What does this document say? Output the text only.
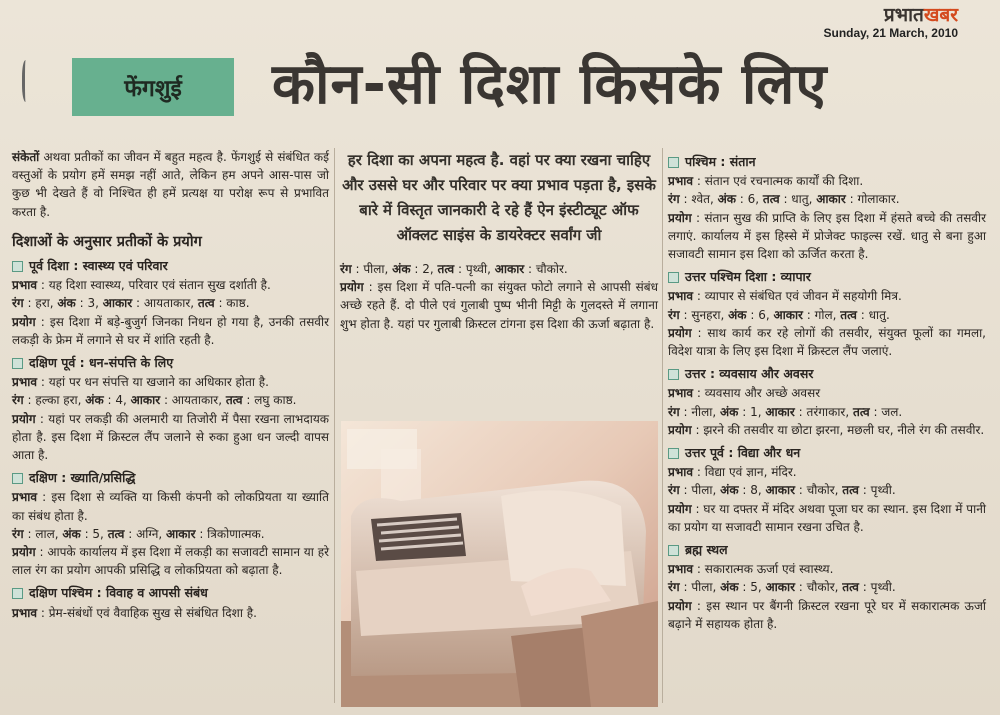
प्रभातखबर
Sunday, 21 March, 2010
फेंगशुई	कौन-सी दिशा किसके लिए

संकेतों अथवा प्रतीकों का जीवन में बहुत महत्व है. फेंगशुई से संबंधित कई वस्तुओं के प्रयोग हमें समझ नहीं आते, लेकिन हम अपने आस-पास जो कुछ भी देखते हैं वो निश्चित ही हमें प्रत्यक्ष या परोक्ष रूप से प्रभावित करता है.

दिशाओं के अनुसार प्रतीकों के प्रयोग
पूर्व दिशा : स्वास्थ्य एवं परिवार

प्रभाव : यह दिशा स्वास्थ्य, परिवार एवं संतान सुख दर्शाती है.

रंग : हरा, अंक : 3, आकार : आयताकार, तत्व : काष्ठ.

प्रयोग : इस दिशा में बड़े-बुजुर्ग जिनका निधन हो गया है, उनकी तसवीर लकड़ी के फ्रेम में लगाने से घर में शांति रहती है.

दक्षिण पूर्व : धन-संपत्ति के लिए

प्रभाव : यहां पर धन संपत्ति या खजाने का अधिकार होता है.

रंग : हल्का हरा, अंक : 4, आकार : आयताकार, तत्व : लघु काष्ठ.

प्रयोग : यहां पर लकड़ी की अलमारी या तिजोरी में पैसा रखना लाभदायक होता है. इस दिशा में क्रिस्टल लैंप जलाने से रुका हुआ धन जल्दी वापस आता है.

दक्षिण : ख्याति/प्रसिद्धि

प्रभाव : इस दिशा से व्यक्ति या किसी कंपनी को लोकप्रियता या ख्याति का संबंध होता है.

रंग : लाल, अंक : 5, तत्व : अग्नि, आकार : त्रिकोणात्मक.

प्रयोग : आपके कार्यालय में इस दिशा में लकड़ी का सजावटी सामान या हरे लाल रंग का प्रयोग आपकी प्रसिद्धि व लोकप्रियता को बढ़ाता है.

दक्षिण पश्चिम : विवाह व आपसी संबंध

प्रभाव : प्रेम-संबंधों एवं वैवाहिक सुख से संबंधित दिशा है.

हर दिशा का अपना महत्व है. वहां पर क्या रखना चाहिए और उससे घर और परिवार पर क्या प्रभाव पड़ता है, इसके बारे में विस्तृत जानकारी दे रहे हैं ऐन इंस्टीट्यूट ऑफ ऑक्लट साइंस के डायरेक्टर सर्वांग जी

रंग : पीला, अंक : 2, तत्व : पृथ्वी, आकार : चौकोर.

प्रयोग : इस दिशा में पति-पत्नी का संयुक्त फोटो लगाने से आपसी संबंध अच्छे रहते हैं. दो पीले एवं गुलाबी पुष्प भीनी मिट्टी के गुलदस्ते में लगाना शुभ होता है. यहां पर गुलाबी क्रिस्टल टांगना इस दिशा की ऊर्जा बढ़ाता है.

पश्चिम : संतान

प्रभाव : संतान एवं रचनात्मक कार्यों की दिशा.

रंग : श्वेत, अंक : 6, तत्व : धातु, आकार : गोलाकार.

प्रयोग : संतान सुख की प्राप्ति के लिए इस दिशा में हंसते बच्चे की तसवीर लगाएं. कार्यालय में इस हिस्से में प्रोजेक्ट फाइल्स रखें. धातु से बना हुआ सजावटी सामान इस दिशा को ऊर्जित करता है.

उत्तर पश्चिम दिशा : व्यापार

प्रभाव : व्यापार से संबंधित एवं जीवन में सहयोगी मित्र.

रंग : सुनहरा, अंक : 6, आकार : गोल, तत्व : धातु.

प्रयोग : साथ कार्य कर रहे लोगों की तसवीर, संयुक्त फूलों का गमला, विदेश यात्रा के लिए इस दिशा में क्रिस्टल लैंप जलाएं.

उत्तर : व्यवसाय और अवसर

प्रभाव : व्यवसाय और अच्छे अवसर

रंग : नीला, अंक : 1, आकार : तरंगाकार, तत्व : जल.

प्रयोग : झरने की तसवीर या छोटा झरना, मछली घर, नीले रंग की तसवीर.

उत्तर पूर्व : विद्या और धन

प्रभाव : विद्या एवं ज्ञान, मंदिर.

रंग : पीला, अंक : 8, आकार : चौकोर, तत्व : पृथ्वी.

प्रयोग : घर या दफ्तर में मंदिर अथवा पूजा घर का स्थान. इस दिशा में पानी का प्रयोग या सजावटी सामान रखना उचित है.

ब्रह्म स्थल

प्रभाव : सकारात्मक ऊर्जा एवं स्वास्थ्य.

रंग : पीला, अंक : 5, आकार : चौकोर, तत्व : पृथ्वी.

प्रयोग : इस स्थान पर बैंगनी क्रिस्टल रखना पूरे घर में सकारात्मक ऊर्जा बढ़ाने में सहायक होता है.
